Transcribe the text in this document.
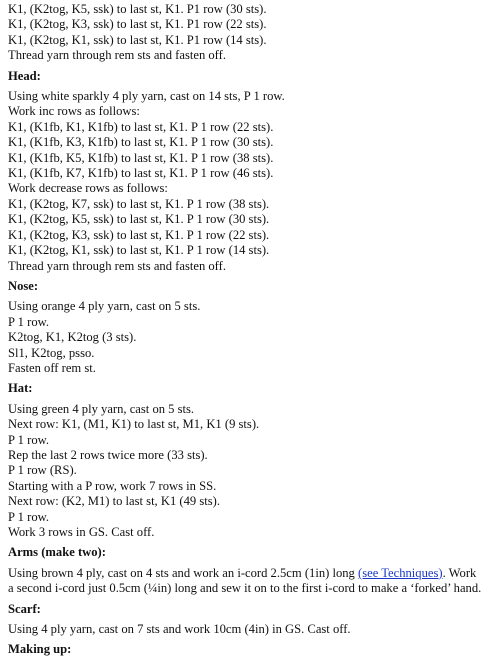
K1, (K2tog, K5, ssk) to last st, K1. P1 row (30 sts).

K1, (K2tog, K3, ssk) to last st, K1. P1 row (22 sts).

K1, (K2tog, K1, ssk) to last st, K1. P1 row (14 sts).

Thread yarn through rem sts and fasten off.

Head:

Using white sparkly 4 ply yarn, cast on 14 sts, P 1 row.

Work inc rows as follows:

K1, (K1fb, K1, K1fb) to last st, K1. P 1 row (22 sts).

K1, (K1fb, K3, K1fb) to last st, K1. P 1 row (30 sts).

K1, (K1fb, K5, K1fb) to last st, K1. P 1 row (38 sts).

K1, (K1fb, K7, K1fb) to last st, K1. P 1 row (46 sts).

Work decrease rows as follows:

K1, (K2tog, K7, ssk) to last st, K1. P 1 row (38 sts).

K1, (K2tog, K5, ssk) to last st, K1. P 1 row (30 sts).

K1, (K2tog, K3, ssk) to last st, K1. P 1 row (22 sts).

K1, (K2tog, K1, ssk) to last st, K1. P 1 row (14 sts).

Thread yarn through rem sts and fasten off.

Nose:

Using orange 4 ply yarn, cast on 5 sts.

P 1 row.

K2tog, K1, K2tog (3 sts).

Sl1, K2tog, psso.

Fasten off rem st.

Hat:

Using green 4 ply yarn, cast on 5 sts.

Next row: K1, (M1, K1) to last st, M1, K1 (9 sts).

P 1 row.

Rep the last 2 rows twice more (33 sts).

P 1 row (RS).

Starting with a P row, work 7 rows in SS.

Next row: (K2, M1) to last st, K1 (49 sts).

P 1 row.

Work 3 rows in GS. Cast off.

Arms (make two):

Using brown 4 ply, cast on 4 sts and work an i-cord 2.5cm (1in) long (see Techniques). Work a second i-cord just 0.5cm (¼in) long and sew it on to the first i-cord to make a ‘forked’ hand.

Scarf:

Using 4 ply yarn, cast on 7 sts and work 10cm (4in) in GS. Cast off.

Making up:
